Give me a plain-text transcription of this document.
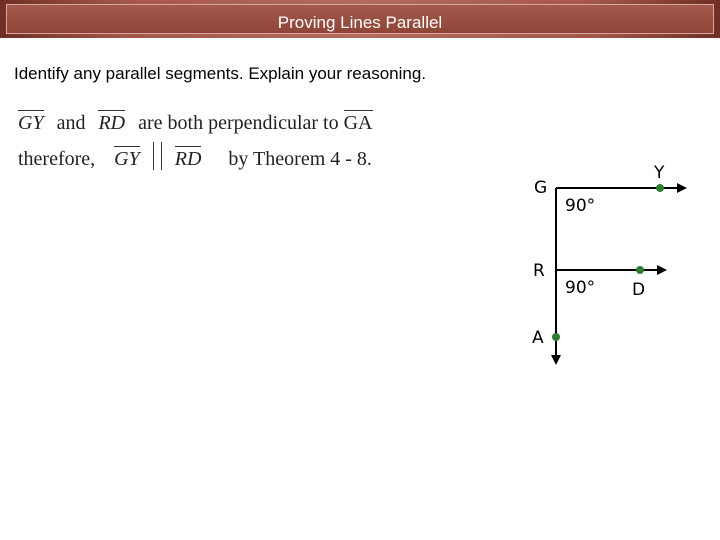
Proving Lines Parallel
Identify any parallel segments. Explain your reasoning.
GY and RD are both perpendicular to GA
therefore, GY RD by Theorem 4 - 8.
G
Y
R
D
A
90°
90°
